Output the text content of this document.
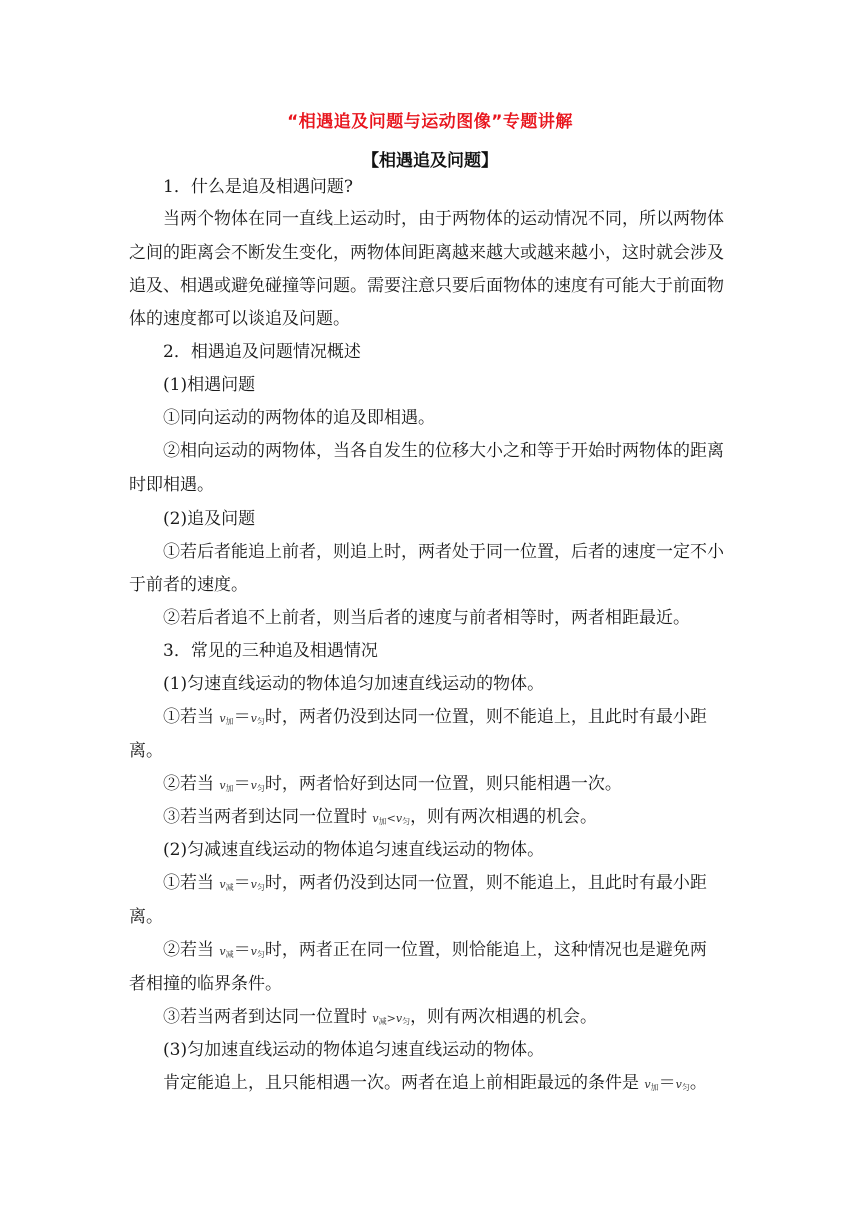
“相遇追及问题与运动图像”专题讲解
【相遇追及问题】
1．什么是追及相遇问题?
当两个物体在同一直线上运动时，由于两物体的运动情况不同，所以两物体
之间的距离会不断发生变化，两物体间距离越来越大或越来越小，这时就会涉及
追及、相遇或避免碰撞等问题。需要注意只要后面物体的速度有可能大于前面物
体的速度都可以谈追及问题。
2．相遇追及问题情况概述
(1)相遇问题
①同向运动的两物体的追及即相遇。
②相向运动的两物体，当各自发生的位移大小之和等于开始时两物体的距离
时即相遇。
(2)追及问题
①若后者能追上前者，则追上时，两者处于同一位置，后者的速度一定不小
于前者的速度。
②若后者追不上前者，则当后者的速度与前者相等时，两者相距最近。
3．常见的三种追及相遇情况
(1)匀速直线运动的物体追匀加速直线运动的物体。
①若当 $v_加=v_匀$时，两者仍没到达同一位置，则不能追上，且此时有最小距
离。
②若当 $v_加=v_匀$时，两者恰好到达同一位置，则只能相遇一次。
③若当两者到达同一位置时 $v_加<v_匀$，则有两次相遇的机会。
(2)匀减速直线运动的物体追匀速直线运动的物体。
①若当 $v_减=v_匀$时，两者仍没到达同一位置，则不能追上，且此时有最小距
离。
②若当 $v_减=v_匀$时，两者正在同一位置，则恰能追上，这种情况也是避免两
者相撞的临界条件。
③若当两者到达同一位置时 $v_减>v_匀$，则有两次相遇的机会。
(3)匀加速直线运动的物体追匀速直线运动的物体。
肯定能追上，且只能相遇一次。两者在追上前相距最远的条件是 $v_加=v_匀$。
